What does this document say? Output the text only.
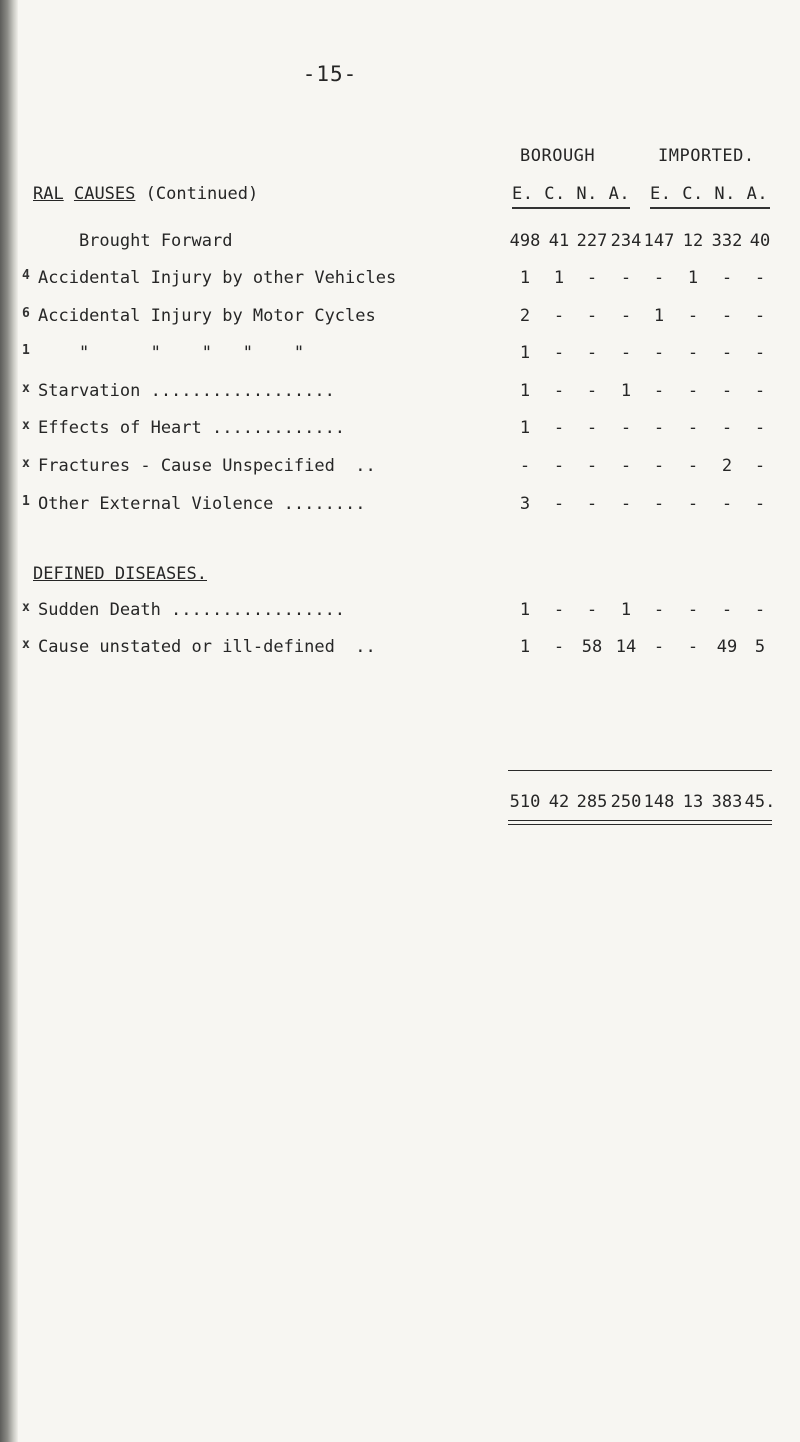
-15-
BOROUGH	IMPORTED.
E. C. N. A. E. C. N. A.
RAL CAUSES (Continued)
Brought Forward	498 41 227 234 147 12 332 40
4 Accidental Injury by other Vehicles	1	1	-	-	-	1	-	-
6 Accidental Injury by Motor Cycles	2	-	-	-	1	-	-	-
1 "      "    "   "    "	1	-	-	-	-	-	-	-
x Starvation ..................	1	-	-	1	-	-	-	-
x Effects of Heart .............	1	-	-	-	-	-	-	-
x Fractures - Cause Unspecified  ..	-	-	-	-	-	-	2	-
1 Other External Violence ........	3	-	-	-	-	-	-	-
DEFINED DISEASES.
x Sudden Death .................	1	-	-	1	-	-	-	-
x Cause unstated or ill-defined  ..	1	-	58 14	-	-	49	5
510 42 285 250 148 13 383 45.
